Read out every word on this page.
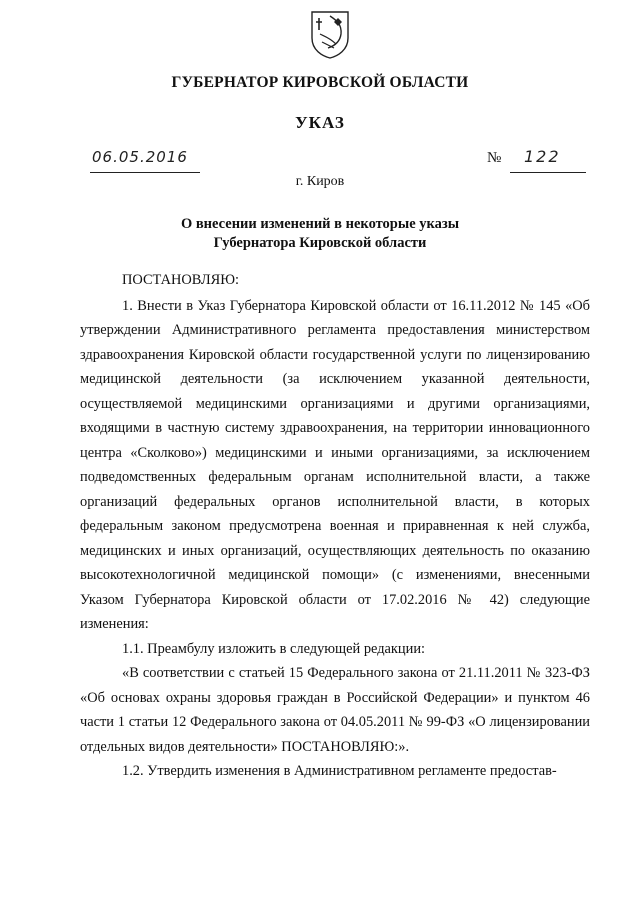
ГУБЕРНАТОР КИРОВСКОЙ ОБЛАСТИ
УКАЗ
06.05.2016	№ 122
г. Киров
О внесении изменений в некоторые указы
Губернатора Кировской области

ПОСТАНОВЛЯЮ:

1. Внести в Указ Губернатора Кировской области от 16.11.2012 № 145 «Об утверждении Административного регламента предоставления министерством здравоохранения Кировской области государственной услуги по лицензированию медицинской деятельности (за исключением указанной деятельности, осуществляемой медицинскими организациями и другими организациями, входящими в частную систему здравоохранения, на территории инновационного центра «Сколково») медицинскими и иными организациями, за исключением подведомственных федеральным органам исполнительной власти, а также организаций федеральных органов исполнительной власти, в которых федеральным законом предусмотрена военная и приравненная к ней служба, медицинских и иных организаций, осуществляющих деятельность по оказанию высокотехнологичной медицинской помощи» (с изменениями, внесенными Указом Губернатора Кировской области от 17.02.2016 № 42) следующие изменения:

1.1. Преамбулу изложить в следующей редакции:

«В соответствии с статьей 15 Федерального закона от 21.11.2011 № 323-ФЗ «Об основах охраны здоровья граждан в Российской Федерации» и пунктом 46 части 1 статьи 12 Федерального закона от 04.05.2011 № 99-ФЗ «О лицензировании отдельных видов деятельности» ПОСТАНОВЛЯЮ:».

1.2. Утвердить изменения в Административном регламенте предостав-
